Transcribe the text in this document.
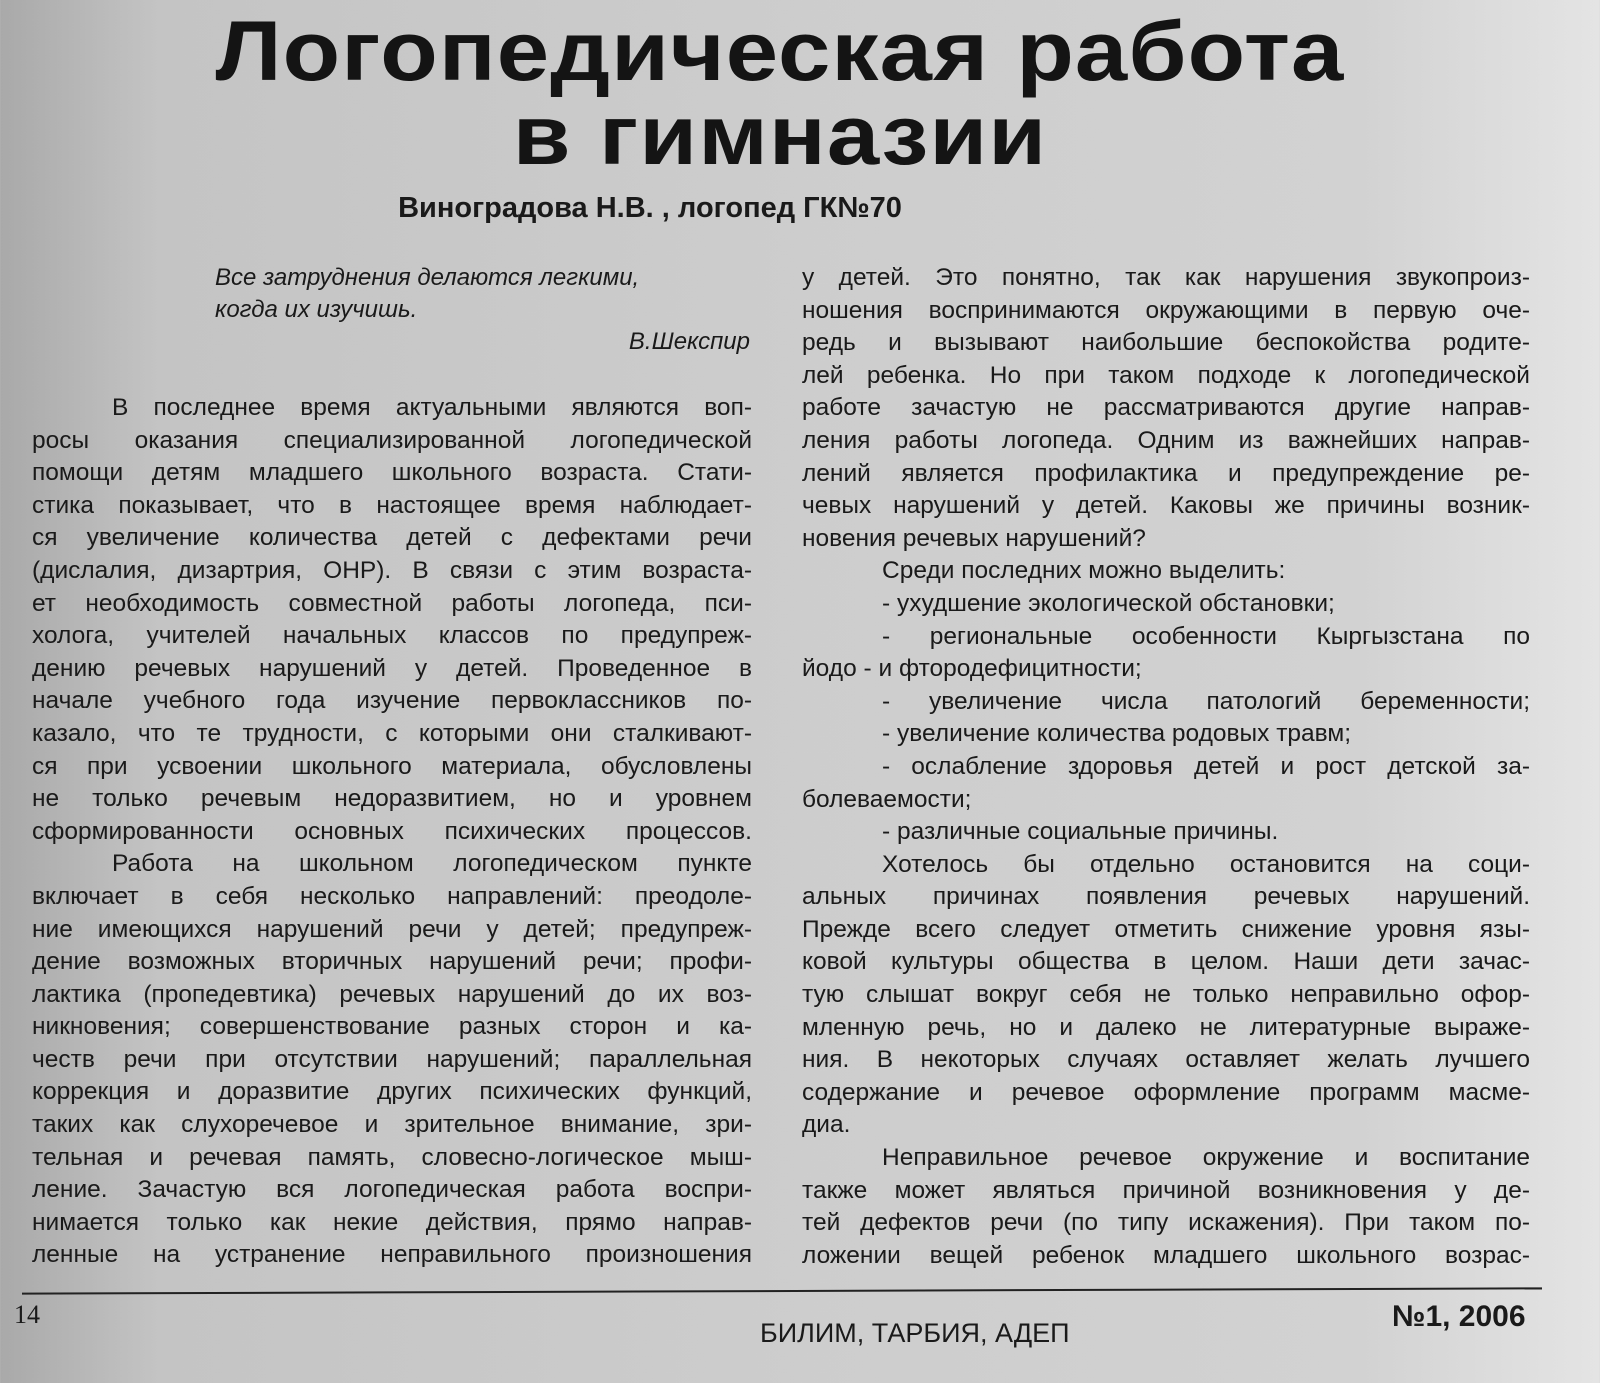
Логопедическая работа
в гимназии
Виноградова Н.В. , логопед ГК№70
Все затруднения делаются легкими,
когда их изучишь.
В.Шекспир
В последнее время актуальными являются воп-
росы оказания специализированной логопедической
помощи детям младшего школьного возраста. Стати-
стика показывает, что в настоящее время наблюдает-
ся увеличение количества детей с дефектами речи
(дислалия, дизартрия, ОНР). В связи с этим возраста-
ет необходимость совместной работы логопеда, пси-
холога, учителей начальных классов по предупреж-
дению речевых нарушений у детей. Проведенное в
начале учебного года изучение первоклассников по-
казало, что те трудности, с которыми они сталкивают-
ся при усвоении школьного материала, обусловлены
не только речевым недоразвитием, но и уровнем
сформированности основных психических процессов.
Работа на школьном логопедическом пункте
включает в себя несколько направлений: преодоле-
ние имеющихся нарушений речи у детей; предупреж-
дение возможных вторичных нарушений речи; профи-
лактика (пропедевтика) речевых нарушений до их воз-
никновения; совершенствование разных сторон и ка-
честв речи при отсутствии нарушений; параллельная
коррекция и доразвитие других психических функций,
таких как слухоречевое и зрительное внимание, зри-
тельная и речевая память, словесно-логическое мыш-
ление. Зачастую вся логопедическая работа воспри-
нимается только как некие действия, прямо направ-
ленные на устранение неправильного произношения
у детей. Это понятно, так как нарушения звукопроиз-
ношения воспринимаются окружающими в первую оче-
редь и вызывают наибольшие беспокойства родите-
лей ребенка. Но при таком подходе к логопедической
работе зачастую не рассматриваются другие направ-
ления работы логопеда. Одним из важнейших направ-
лений является профилактика и предупреждение ре-
чевых нарушений у детей. Каковы же причины возник-
новения речевых нарушений?
Среди последних можно выделить:
- ухудшение экологической обстановки;
- региональные особенности Кыргызстана по
йодо - и фтородефицитности;
- увеличение числа патологий беременности;
- увеличение количества родовых травм;
- ослабление здоровья детей и рост детской за-
болеваемости;
- различные социальные причины.
Хотелось бы отдельно остановится на соци-
альных причинах появления речевых нарушений.
Прежде всего следует отметить снижение уровня язы-
ковой культуры общества в целом. Наши дети зачас-
тую слышат вокруг себя не только неправильно офор-
мленную речь, но и далеко не литературные выраже-
ния. В некоторых случаях оставляет желать лучшего
содержание и речевое оформление программ масме-
диа.
Неправильное речевое окружение и воспитание
также может являться причиной возникновения у де-
тей дефектов речи (по типу искажения). При таком по-
ложении вещей ребенок младшего школьного возрас-
14
БИЛИМ, ТАРБИЯ, АДЕП	№1, 2006
